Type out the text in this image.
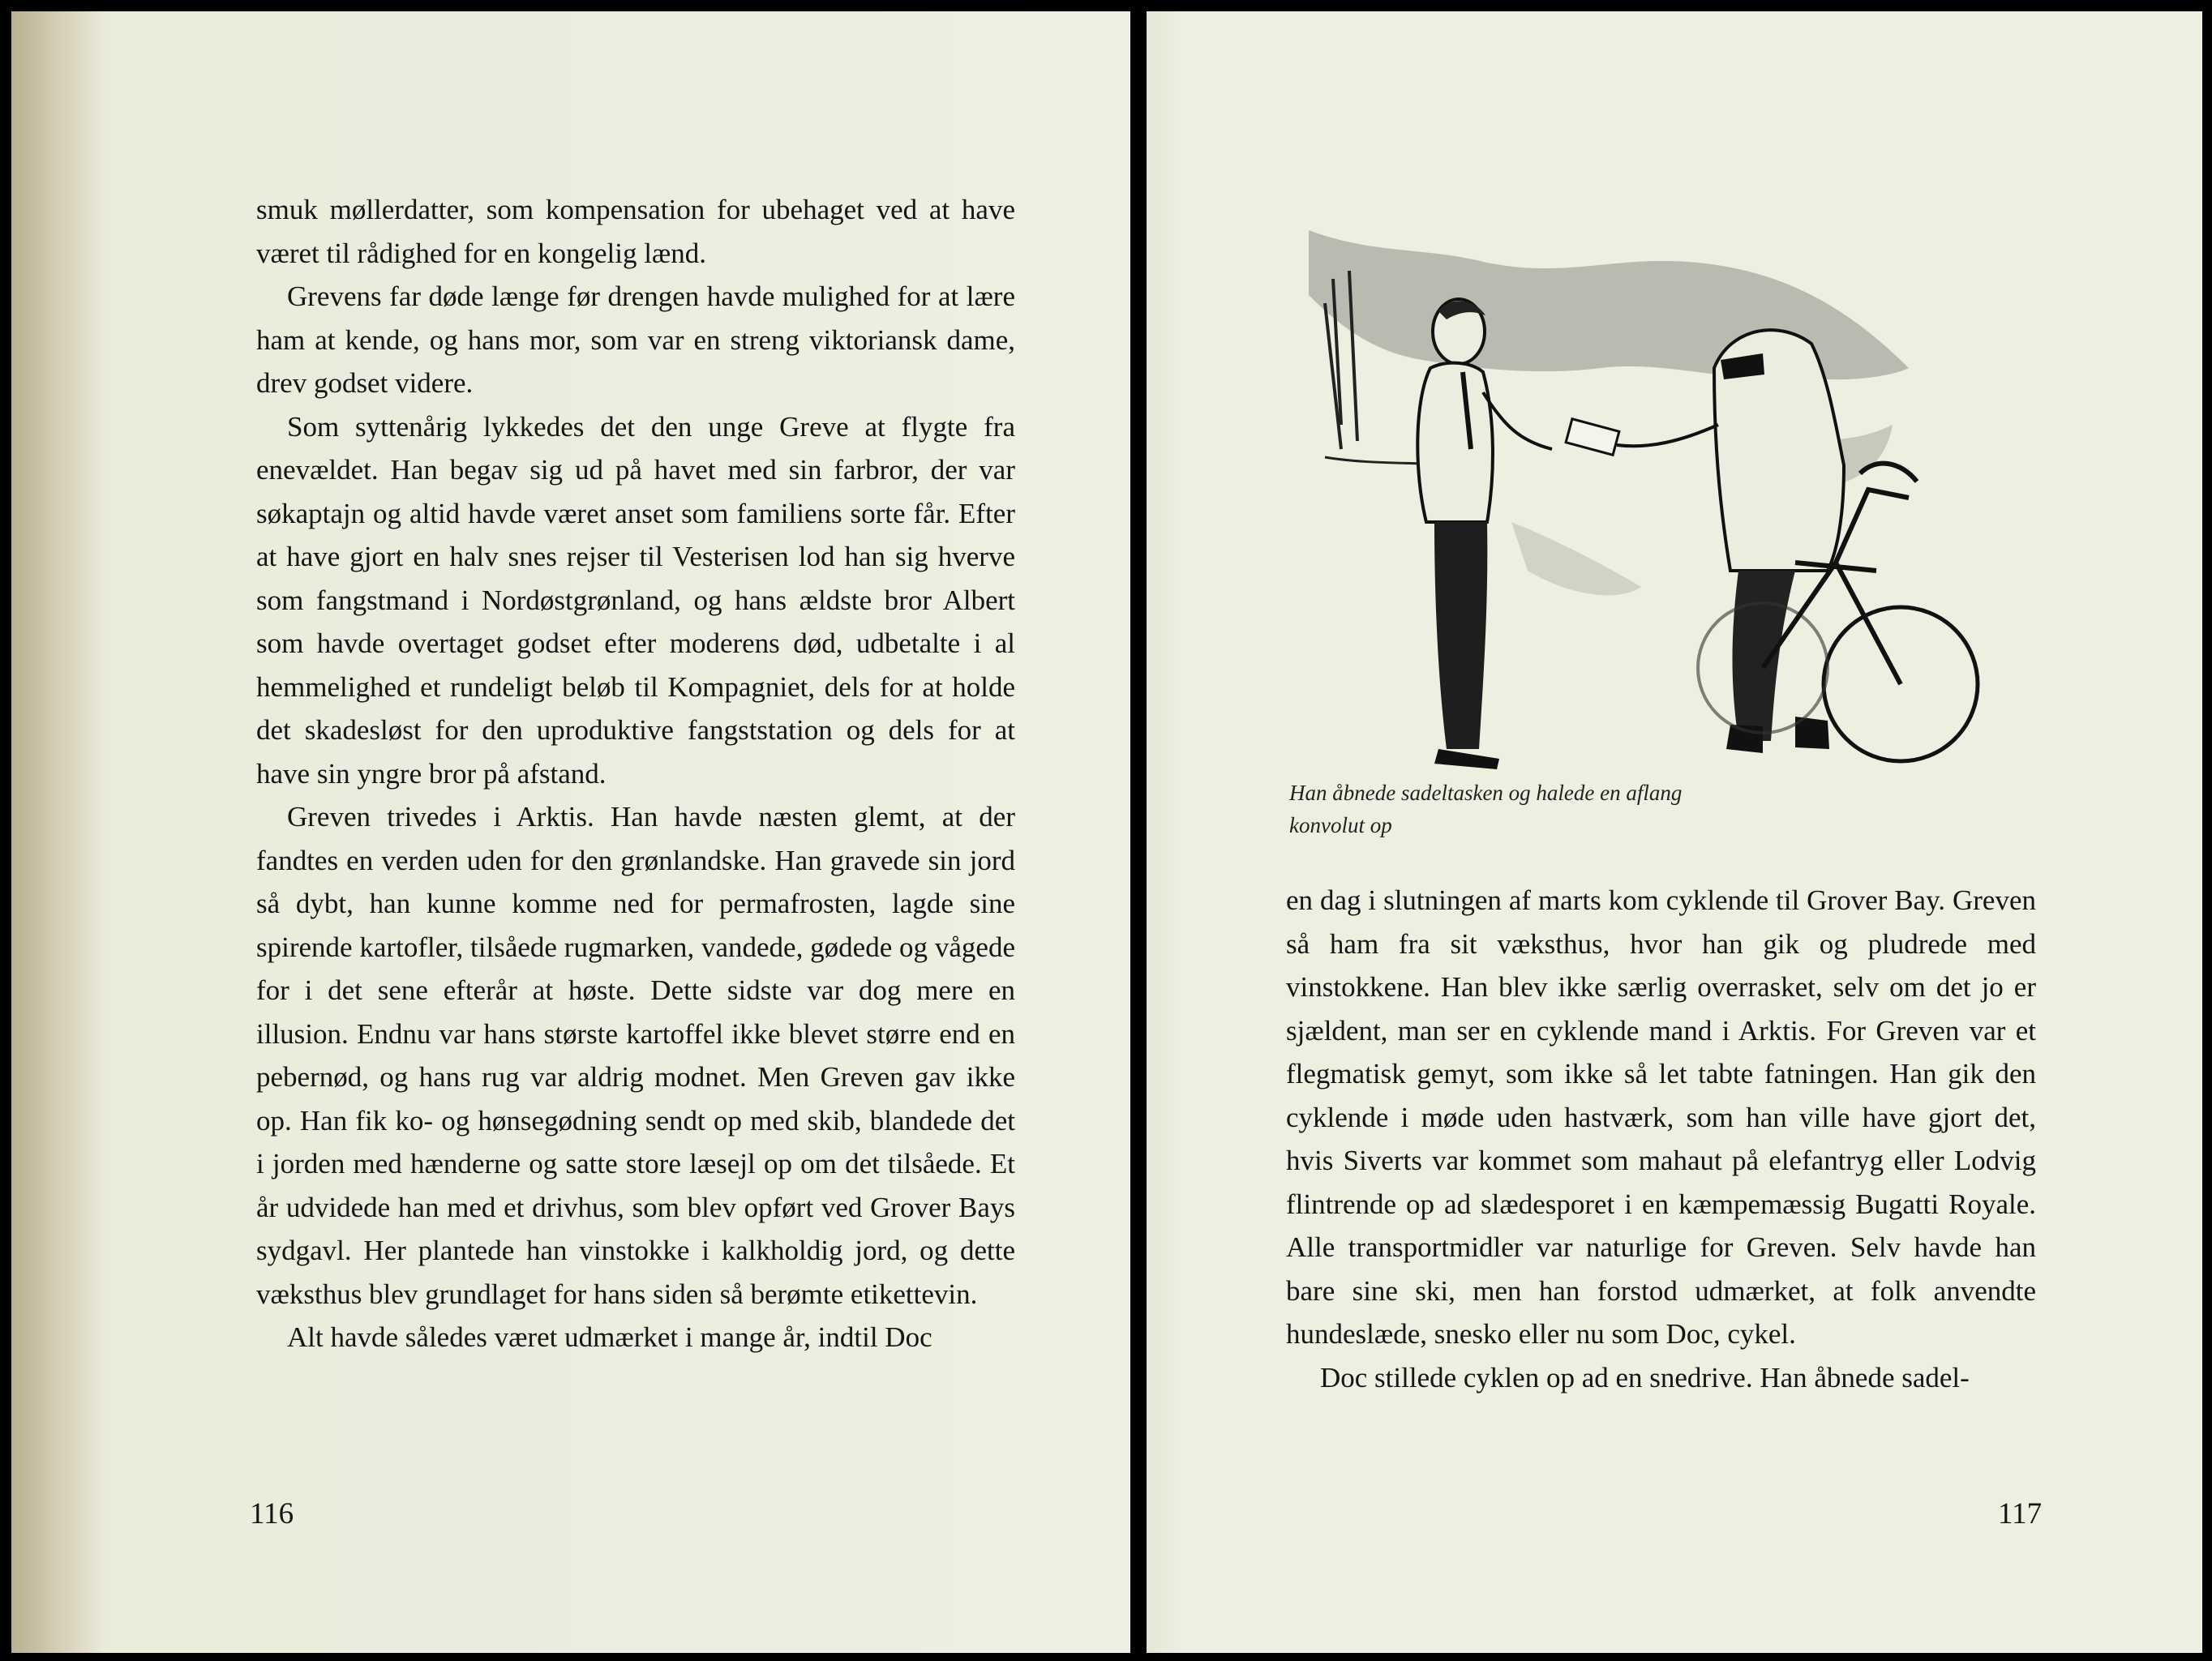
smuk møllerdatter, som kompensation for ubehaget ved at have været til rådighed for en kongelig lænd.

Grevens far døde længe før drengen havde mulighed for at lære ham at kende, og hans mor, som var en streng viktoriansk dame, drev godset videre.

Som syttenårig lykkedes det den unge Greve at flygte fra enevældet. Han begav sig ud på havet med sin farbror, der var søkaptajn og altid havde været anset som familiens sorte får. Efter at have gjort en halv snes rejser til Vesterisen lod han sig hverve som fangstmand i Nordøstgrønland, og hans ældste bror Albert som havde overtaget godset efter moderens død, udbetalte i al hemmelighed et rundeligt beløb til Kompagniet, dels for at holde det skadesløst for den uproduktive fangststation og dels for at have sin yngre bror på afstand.

Greven trivedes i Arktis. Han havde næsten glemt, at der fandtes en verden uden for den grønlandske. Han gravede sin jord så dybt, han kunne komme ned for permafrosten, lagde sine spirende kartofler, tilsåede rugmarken, vandede, gødede og vågede for i det sene efterår at høste. Dette sidste var dog mere en illusion. Endnu var hans største kartoffel ikke blevet større end en pebernød, og hans rug var aldrig modnet. Men Greven gav ikke op. Han fik ko- og hønsegødning sendt op med skib, blandede det i jorden med hænderne og satte store læsejl op om det tilsåede. Et år udvidede han med et drivhus, som blev opført ved Grover Bays sydgavl. Her plantede han vinstokke i kalkholdig jord, og dette væksthus blev grundlaget for hans siden så berømte etikettevin.

Alt havde således været udmærket i mange år, indtil Doc

116
Han åbnede sadeltasken og halede en aflang
konvolut op

en dag i slutningen af marts kom cyklende til Grover Bay. Greven så ham fra sit væksthus, hvor han gik og pludrede med vinstokkene. Han blev ikke særlig overrasket, selv om det jo er sjældent, man ser en cyklende mand i Arktis. For Greven var et flegmatisk gemyt, som ikke så let tabte fatningen. Han gik den cyklende i møde uden hastværk, som han ville have gjort det, hvis Siverts var kommet som mahaut på elefantryg eller Lodvig flintrende op ad slædesporet i en kæmpemæssig Bugatti Royale. Alle transportmidler var naturlige for Greven. Selv havde han bare sine ski, men han forstod udmærket, at folk anvendte hundeslæde, snesko eller nu som Doc, cykel.

Doc stillede cyklen op ad en snedrive. Han åbnede sadel-

117
